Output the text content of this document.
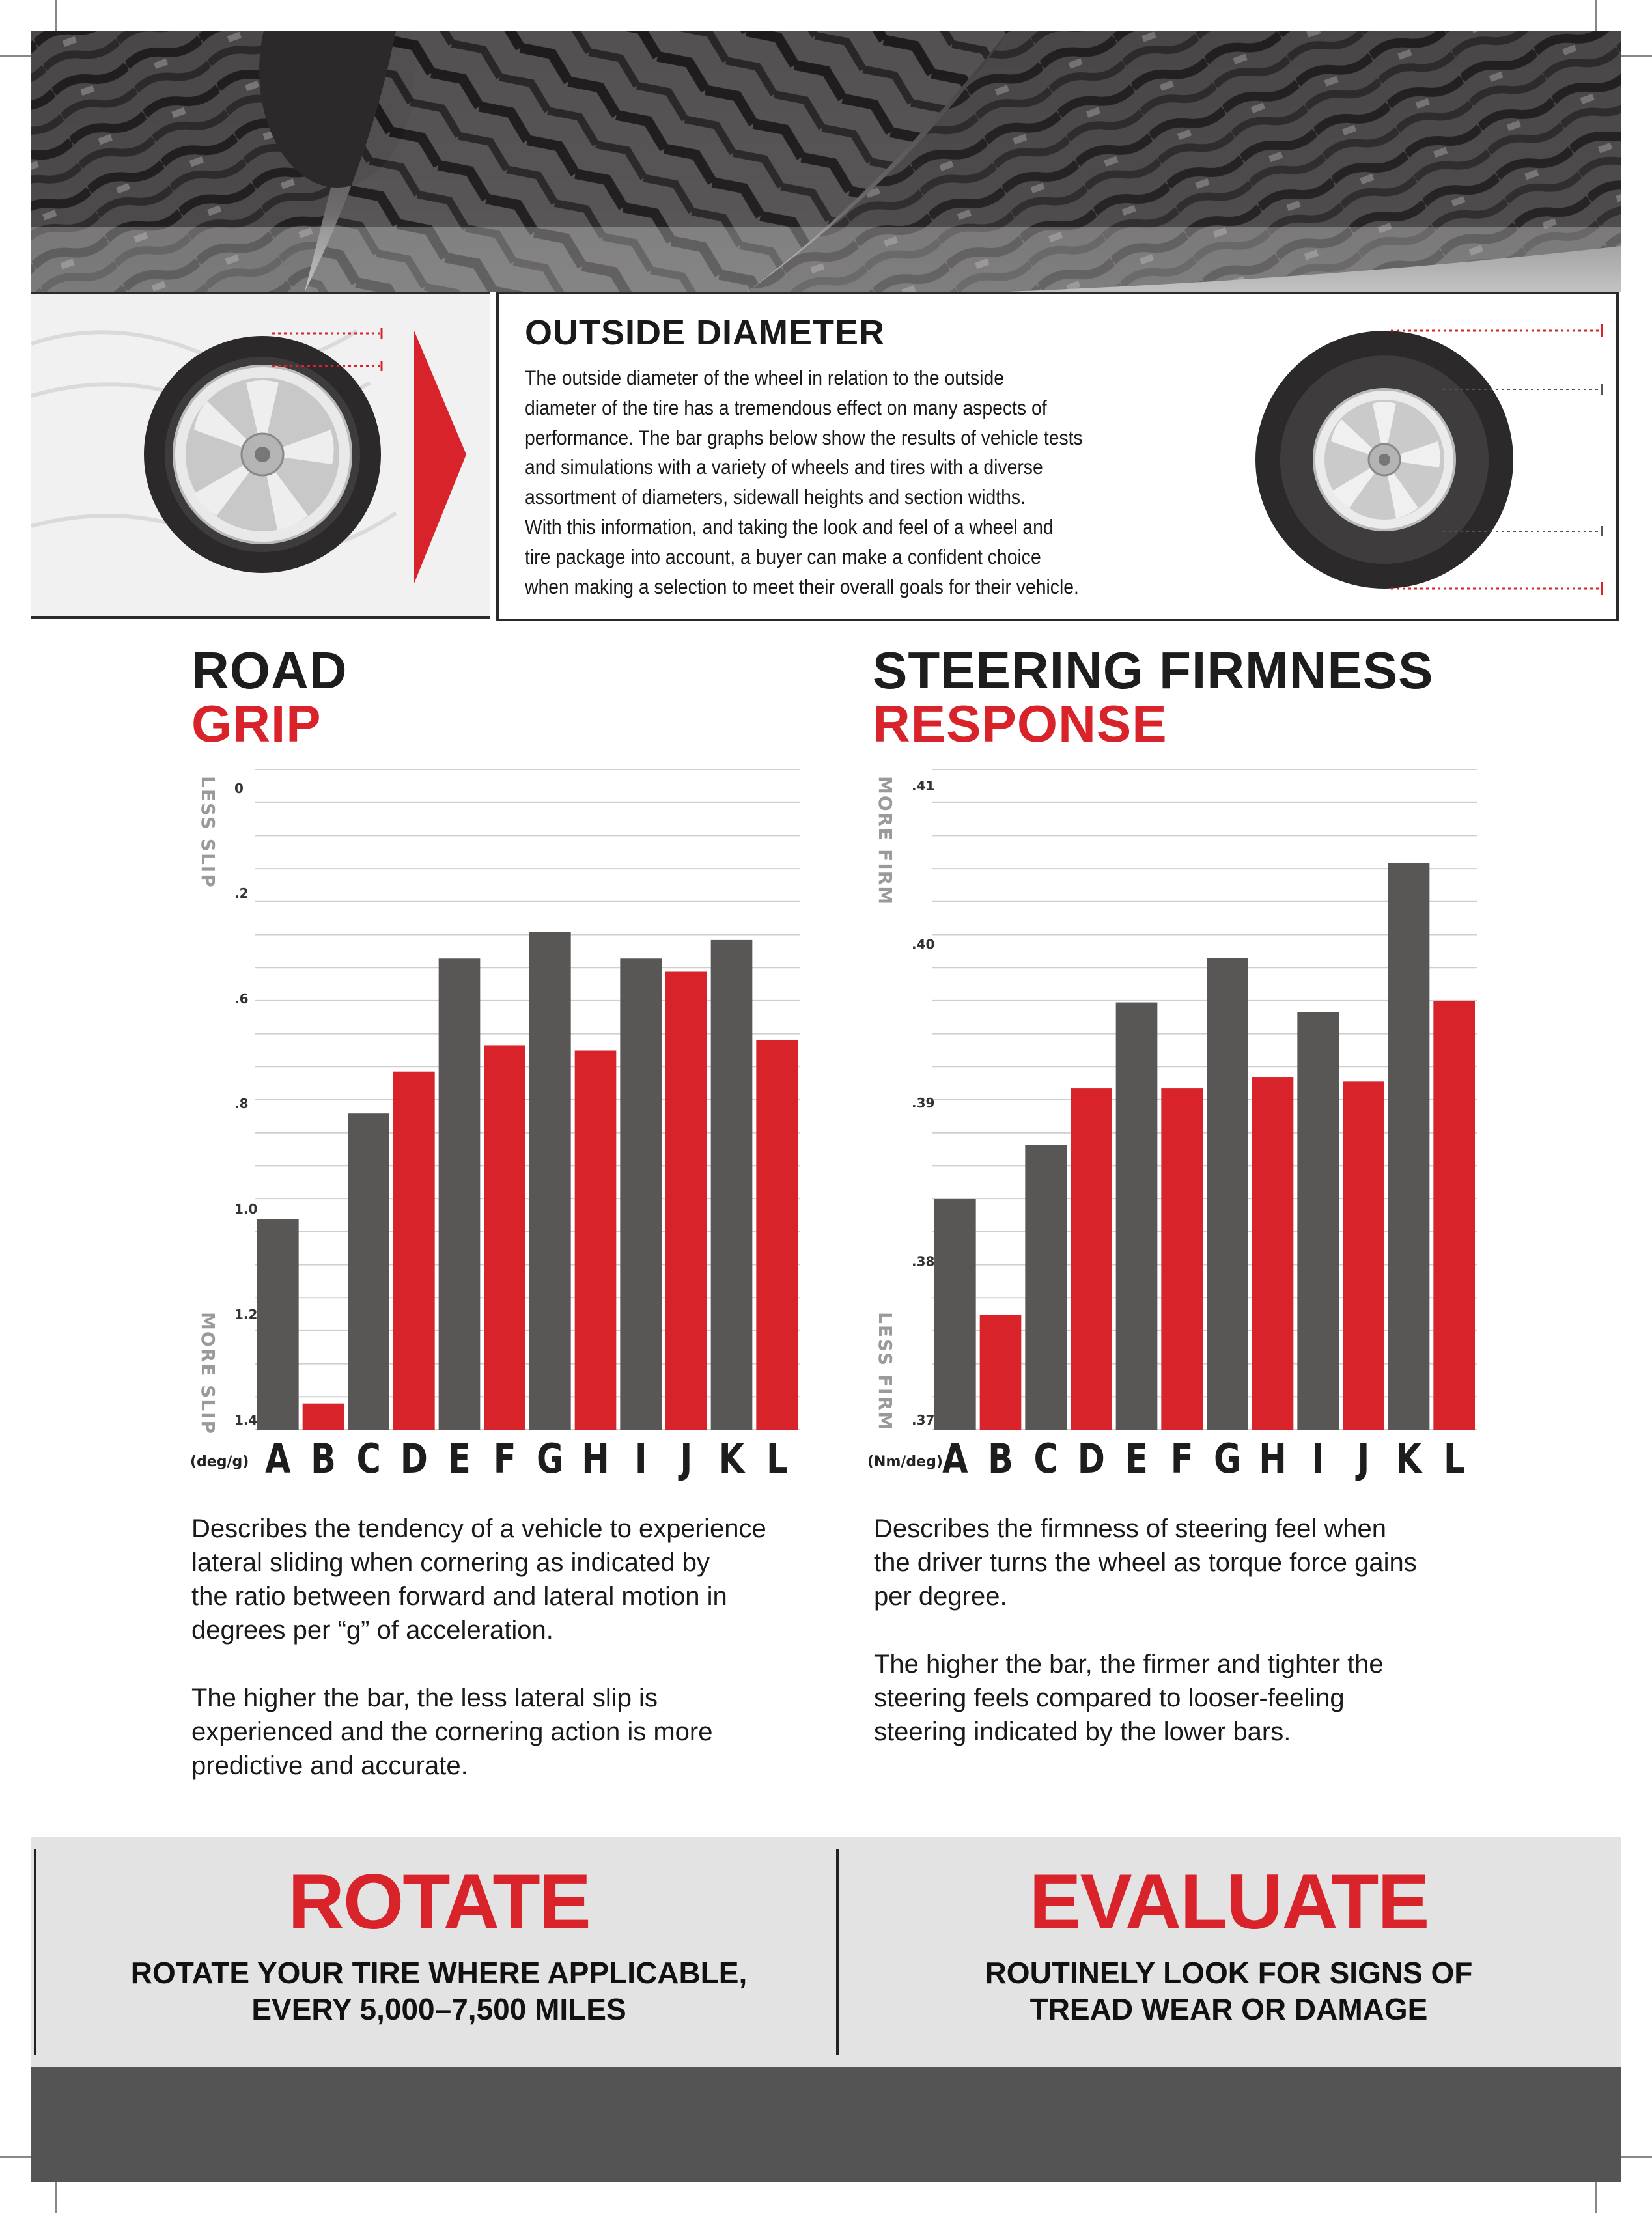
OUTSIDE DIAMETER
The outside diameter of the wheel in relation to the outside
diameter of the tire has a tremendous effect on many aspects of
performance. The bar graphs below show the results of vehicle tests
and simulations with a variety of wheels and tires with a diverse
assortment of diameters, sidewall heights and section widths.
With this information, and taking the look and feel of a wheel and
tire package into account, a buyer can make a confident choice
when making a selection to meet their overall goals for their vehicle.
ROAD
GRIP
STEERING FIRMNESS
RESPONSE
0
.2
.6
.8
1.0
1.2
1.4
LESS SLIP
MORE SLIP
A B C D E F G H I J K L
(deg/g)
.41
.40
.39
.38
.37
MORE FIRM
LESS FIRM
A B C D E F G H I J K L
(Nm/deg)
Describes the tendency of a vehicle to experience
lateral sliding when cornering as indicated by
the ratio between forward and lateral motion in
degrees per “g” of acceleration.
The higher the bar, the less lateral slip is
experienced and the cornering action is more
predictive and accurate.
Describes the firmness of steering feel when
the driver turns the wheel as torque force gains
per degree.
The higher the bar, the firmer and tighter the
steering feels compared to looser-feeling
steering indicated by the lower bars.
ROTATE
ROTATE YOUR TIRE WHERE APPLICABLE,
EVERY 5,000–7,500 MILES
EVALUATE
ROUTINELY LOOK FOR SIGNS OF
TREAD WEAR OR DAMAGE
